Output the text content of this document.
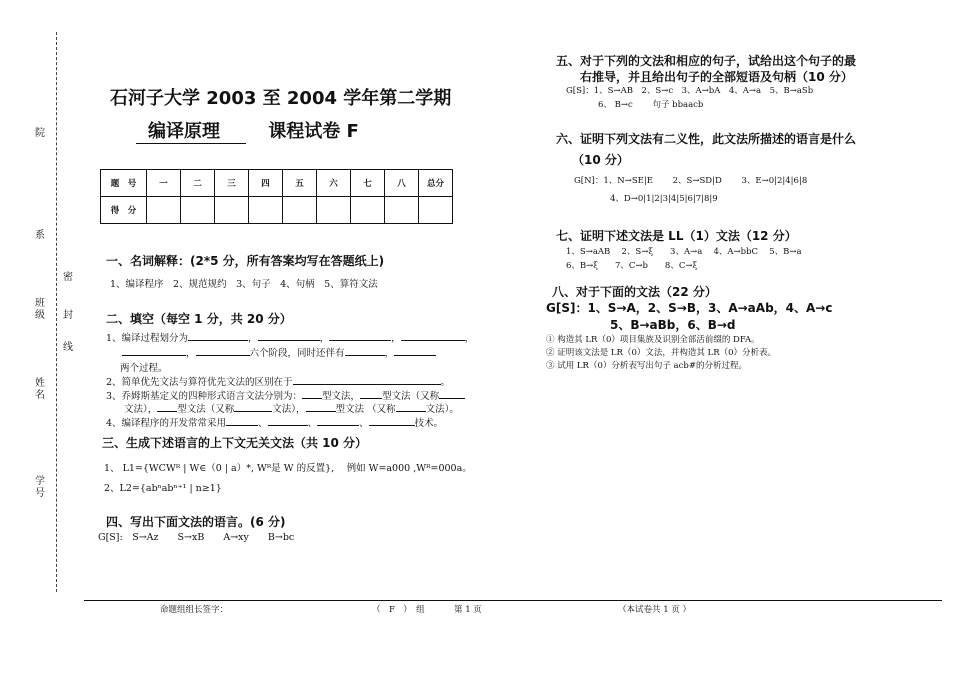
院
系
班级
姓名
学号
密
封
线
石河子大学 2003 至 2004 学年第二学期
编译原理	课程试卷 F
题　号	一	二	三	四	五	六	七	八	总分
得　分									
一、名词解释：(2*5 分，所有答案均写在答题纸上)
1、编译程序　2、规范规约　3、句子　4、句柄　5、算符文法
二、填空（每空 1 分，共 20 分）
1、编译过程划分为	，	，	，	，
，	六个阶段，同时还伴有	，
两个过程。
2、简单优先文法与算符优先文法的区别在于	。
3、乔姆斯基定义的四种形式语言文法分别为： 型文法， 型文法（又称
文法）， 型文法（又称	文法），	型文法 （又称	文法）。
4、编译程序的开发常常采用	、	、	、	技术。
三、生成下述语言的上下文无关文法（共 10 分）
1、 L1={WCWᴿ | W∈（0 | a）*, Wᴿ是 W 的反置},　 例如 W=a000 ,Wᴿ=000a。
2、L2={abⁿabⁿ⁺¹ | n≥1}
四、写出下面文法的语言。(6 分)
G[S]:　S→Az　　S→xB　　A→xy　　B→bc
五、对于下列的文法和相应的句子，试给出这个句子的最
右推导，并且给出句子的全部短语及句柄（10 分）
G[S]：1、S→AB　2、S→c　3、A→bA　4、A→a　5、B→aSb
6、 B→c　　 句子 bbaacb
六、证明下列文法有二义性，此文法所描述的语言是什么
（10 分）
G[N]：1、N→SE|E　　 2、S→SD|D　　 3、E→0|2|4|6|8
4、D→0|1|2|3|4|5|6|7|8|9
七、证明下述文法是 LL（1）文法（12 分）
1、S→aAB　 2、S→ξ　　3、A→a　 4、A→bbC　 5、B→a
6、B→ξ　　7、C→b　　8、C→ξ
八、对于下面的文法（22 分）
G[S]：1、S→A，2、S→B，3、A→aAb，4、A→c
5、B→aBb，6、B→d
① 构造其 LR（0）项目集族及识别全部活前缀的 DFA。
② 证明该文法是 LR（0）文法，并构造其 LR（0）分析表。
③ 试用 LR（0）分析表写出句子 acb#的分析过程。
命题组组长签字：	（　F　）　组	第 1 页	（本试卷共 1 页 ）
